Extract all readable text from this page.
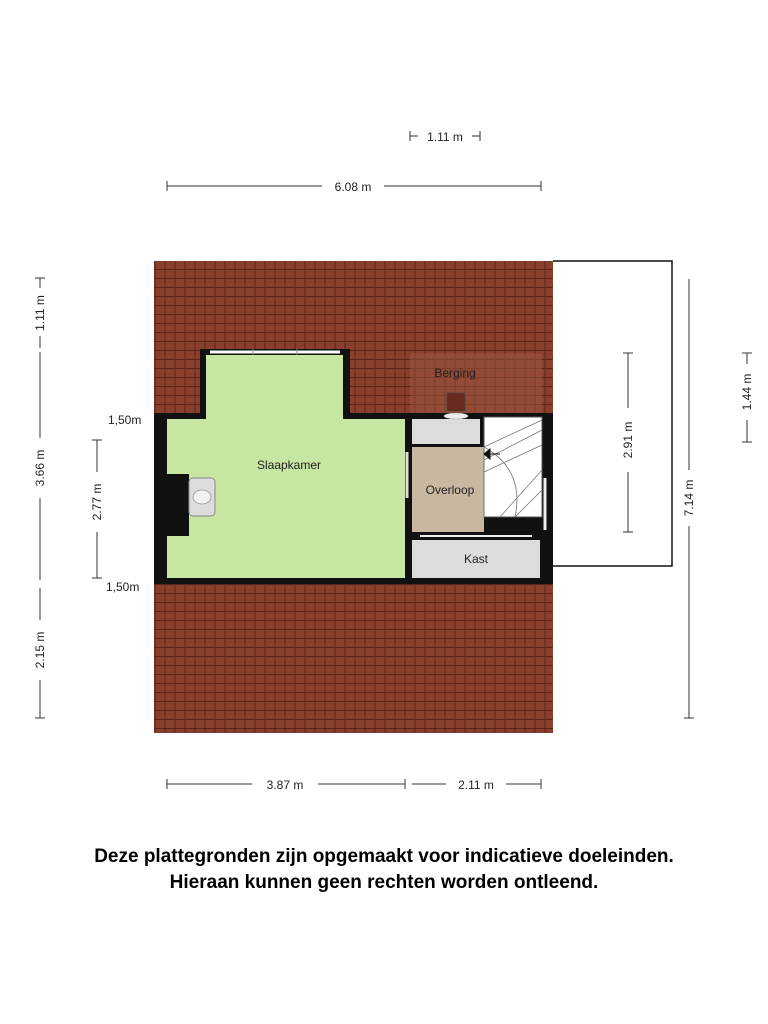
Slaapkamer
Berging
Overloop
Kast
1.11 m
6.08 m
1.11 m
3.66 m
2.15 m
2.77 m
1,50m
1,50m
2.91 m
7.14 m
1.44 m
3.87 m	2.11 m
Deze plattegronden zijn opgemaakt voor indicatieve doeleinden.
Hieraan kunnen geen rechten worden ontleend.
